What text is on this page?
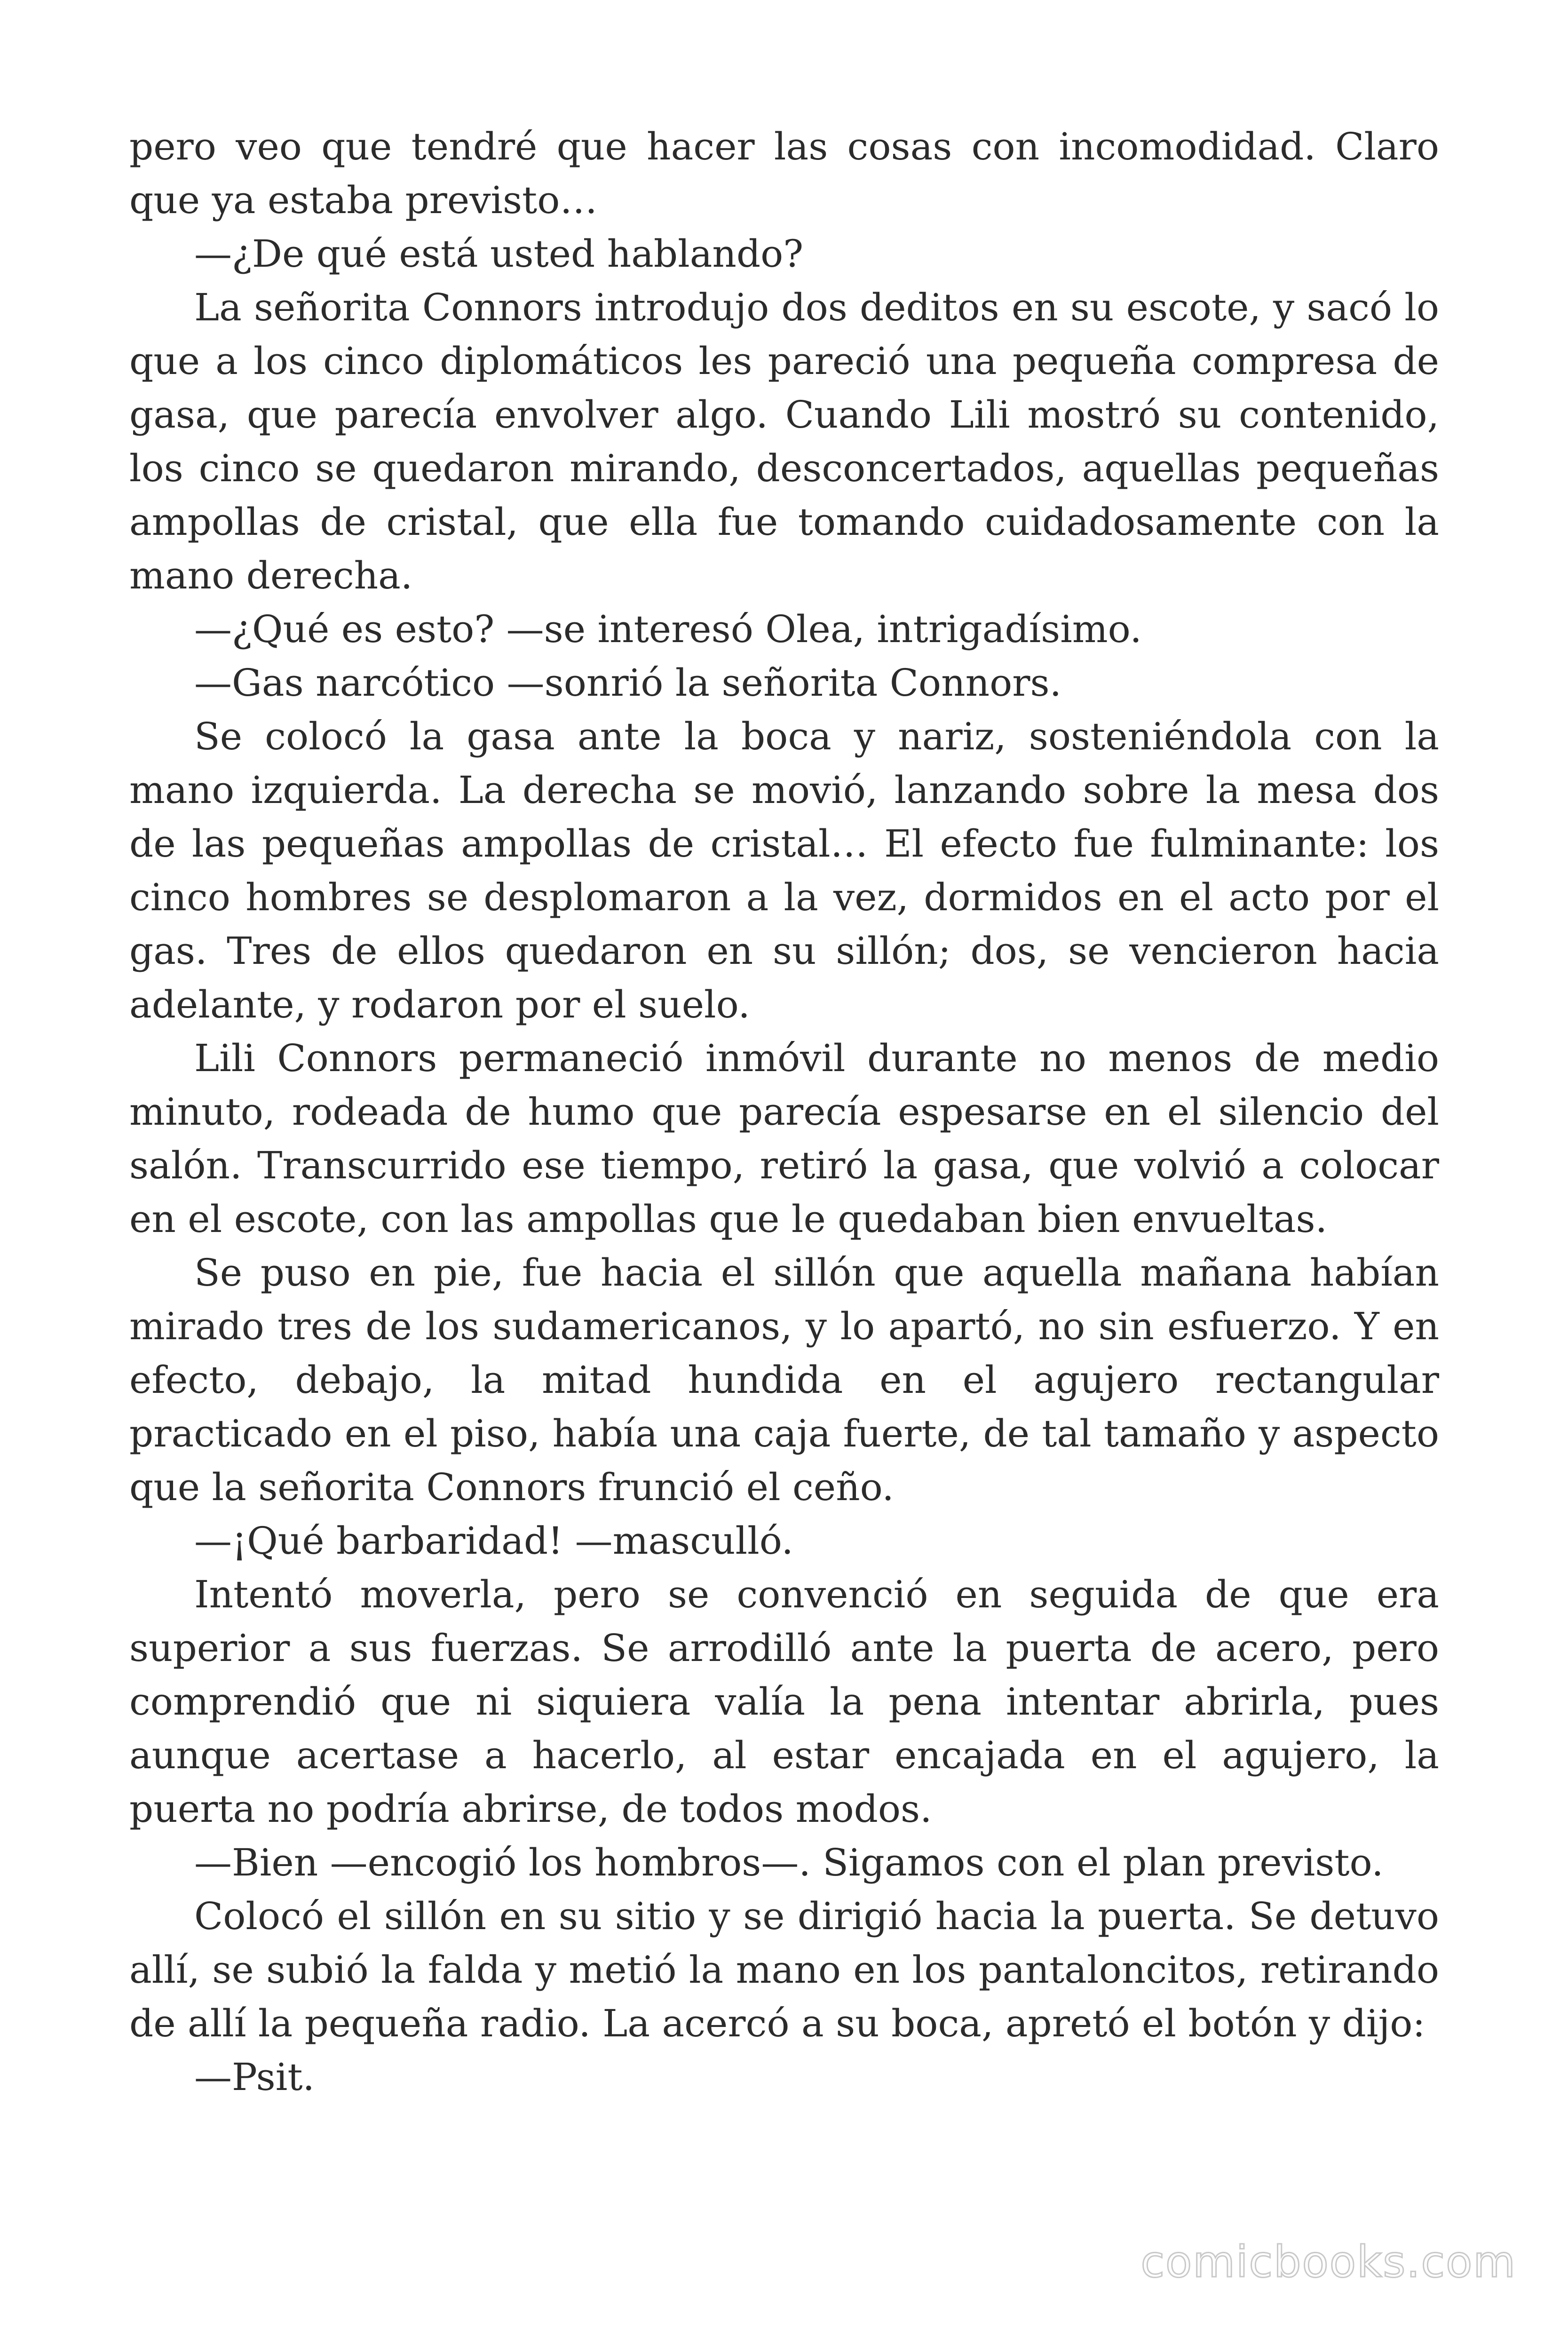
pero veo que tendré que hacer las cosas con incomodidad. Claro que ya estaba previsto…

—¿De qué está usted hablando?

La señorita Connors introdujo dos deditos en su escote, y sacó lo que a los cinco diplomáticos les pareció una pequeña compresa de gasa, que parecía envolver algo. Cuando Lili mostró su contenido, los cinco se quedaron mirando, desconcertados, aquellas pequeñas ampollas de cristal, que ella fue tomando cuidadosamente con la mano derecha.

—¿Qué es esto? —se interesó Olea, intrigadísimo.

—Gas narcótico —sonrió la señorita Connors.

Se colocó la gasa ante la boca y nariz, sosteniéndola con la mano izquierda. La derecha se movió, lanzando sobre la mesa dos de las pequeñas ampollas de cristal… El efecto fue fulminante: los cinco hombres se desplomaron a la vez, dormidos en el acto por el gas. Tres de ellos quedaron en su sillón; dos, se vencieron hacia adelante, y rodaron por el suelo.

Lili Connors permaneció inmóvil durante no menos de medio minuto, rodeada de humo que parecía espesarse en el silencio del salón. Transcurrido ese tiempo, retiró la gasa, que volvió a colocar en el escote, con las ampollas que le quedaban bien envueltas.

Se puso en pie, fue hacia el sillón que aquella mañana habían mirado tres de los sudamericanos, y lo apartó, no sin esfuerzo. Y en efecto, debajo, la mitad hundida en el agujero rectangular practicado en el piso, había una caja fuerte, de tal tamaño y aspecto que la señorita Connors frunció el ceño.

—¡Qué barbaridad! —masculló.

Intentó moverla, pero se convenció en seguida de que era superior a sus fuerzas. Se arrodilló ante la puerta de acero, pero comprendió que ni siquiera valía la pena intentar abrirla, pues aunque acertase a hacerlo, al estar encajada en el agujero, la puerta no podría abrirse, de todos modos.

—Bien —encogió los hombros—. Sigamos con el plan previsto.

Colocó el sillón en su sitio y se dirigió hacia la puerta. Se detuvo allí, se subió la falda y metió la mano en los pantaloncitos, retirando de allí la pequeña radio. La acercó a su boca, apretó el botón y dijo:

—Psit.

comicbooks.com
